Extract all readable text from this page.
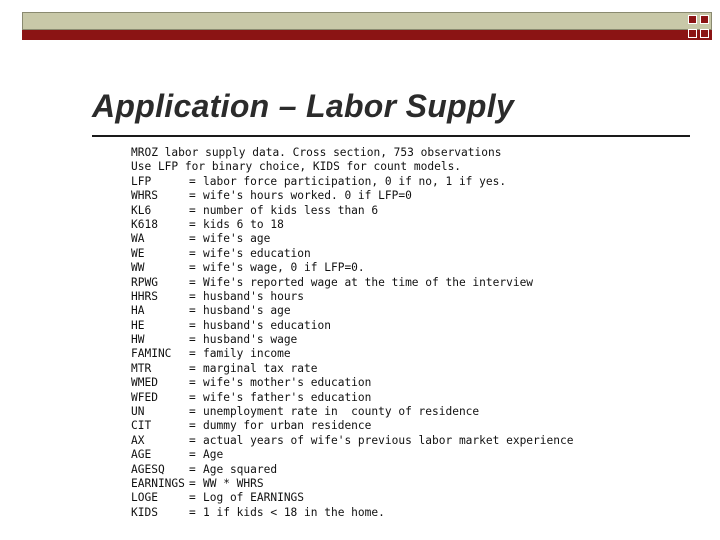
Application – Labor Supply
MROZ labor supply data. Cross section, 753 observations
Use LFP for binary choice, KIDS for count models.
LFP	= labor force participation, 0 if no, 1 if yes.
WHRS	= wife's hours worked. 0 if LFP=0
KL6	= number of kids less than 6
K618	= kids 6 to 18
WA	= wife's age
WE	= wife's education
WW	= wife's wage, 0 if LFP=0.
RPWG	= Wife's reported wage at the time of the interview
HHRS	= husband's hours
HA	= husband's age
HE	= husband's education
HW	= husband's wage
FAMINC = family income
MTR	= marginal tax rate
WMED	= wife's mother's education
WFED	= wife's father's education
UN	= unemployment rate in  county of residence
CIT	= dummy for urban residence
AX	= actual years of wife's previous labor market experience
AGE	= Age
AGESQ = Age squared
EARNINGS = WW * WHRS
LOGE	= Log of EARNINGS
KIDS	= 1 if kids < 18 in the home.
